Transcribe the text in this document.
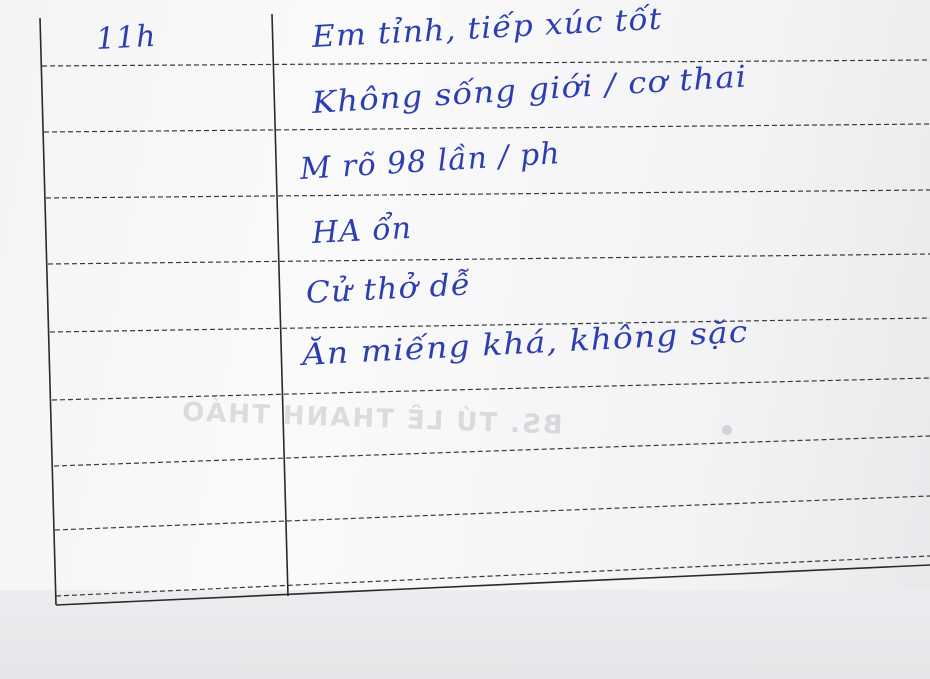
BS. TÚ LÊ THANH THẢO
11h	Em tỉnh, tiếp xúc tốt
Không sống giới / cơ thai
M rõ 98 lần / ph
HA ổn
Cử thở dễ
Ăn miếng khá, không sặc
